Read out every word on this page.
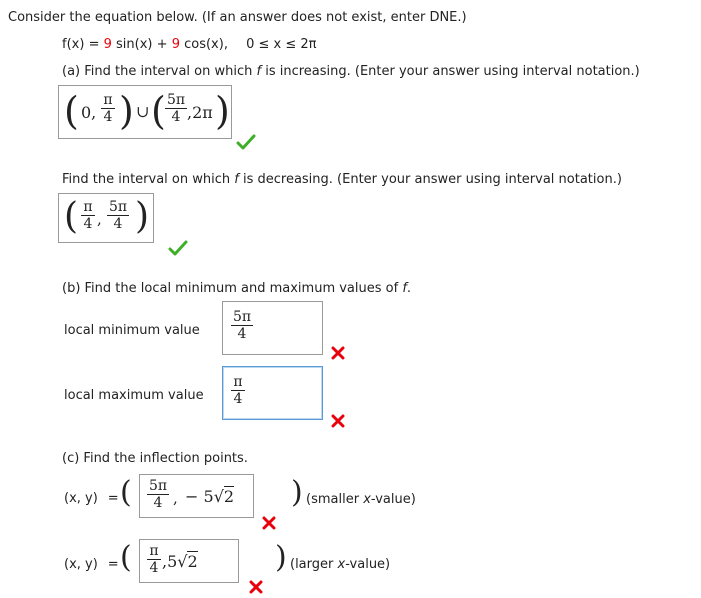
Consider the equation below. (If an answer does not exist, enter DNE.)
f(x) = 9 sin(x) + 9 cos(x), 0 ≤ x ≤ 2π
(a) Find the interval on which f is increasing. (Enter your answer using interval notation.)
( 0,
π
4 ) ∪ ( 5π
4 ,2π )
Find the interval on which f is decreasing. (Enter your answer using interval notation.)
( π
4 ,
5π
4 )
(b) Find the local minimum and maximum values of f.
local minimum value
5π
4
local maximum value
π
4
(c) Find the inflection points.
(x, y) = ( 5π
4 , − 5√2 ) (smaller x-value)
(x, y) = ( π
4 ,5√2	) (larger x-value)
